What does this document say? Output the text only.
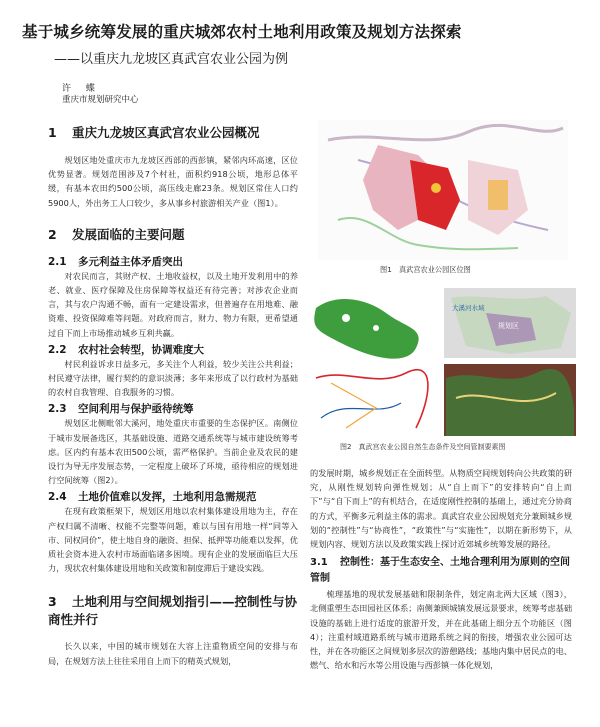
基于城乡统筹发展的重庆城郊农村土地利用政策及规划方法探索
——以重庆九龙坡区真武宫农业公园为例
许 蝶
重庆市规划研究中心
1 重庆九龙坡区真武宫农业公园概况

规划区地处重庆市九龙坡区西部的西彭镇，紧邻内环高速，区位优势显著。规划范围涉及7个村社，面积约918公顷，地形总体平缓，有基本农田约500公顷，高压线走廊23条。规划区常住人口约5900人，外出务工人口较少，多从事乡村旅游相关产业（图1）。

2 发展面临的主要问题
2.1 多元利益主体矛盾突出

对农民而言，其财产权、土地收益权，以及土地开发利用中的养老、就业、医疗保障及住房保障等权益还有待完善；对涉农企业而言，其与农户沟通不畅，面有一定建设需求，但普遍存在用地难、融资难、投资保障难等问题。对政府而言，财力、物力有限，更希望通过自下而上市场推动城乡互利共赢。

2.2 农村社会转型，协调难度大

村民利益诉求日益多元，多关注个人利益，较少关注公共利益；村民遵守法律，履行契约的意识淡薄；多年来形成了以行政村为基础的农村自我管理、自我服务的习惯。

2.3 空间利用与保护亟待统筹

规划区北侧毗邻大溪河，地处重庆市重要的生态保护区。南侧位于城市发展备选区，其基础设施、道路交通系统等与城市建设统筹考虑。区内约有基本农田500公顷，需严格保护。当前企业及农民的建设行为导无序发展态势，一定程度上破坏了环境，亟待相应的规划进行空间统筹（图2）。

2.4 土地价值难以发挥，土地利用急需规范

在现有政策框架下，规划区用地以农村集体建设用地为主，存在产权归属不清晰、权能不完整等问题，难以与国有用地一样“同等入市、同权同价”，使土地自身的融资、担保、抵押等功能难以发挥，优质社会资本进入农村市场面临诸多困境。现有企业的发展面临巨大压力，现状农村集体建设用地和关政策和制度滞后于建设实践。

3 土地利用与空间规划指引——控制性与协商性并行

长久以来，中国的城市规划在大容上注重物质空间的安排与布局，在规划方法上往往采用自上而下的精英式规划，

图1　真武宫农业公园区位图
规划区
大溪河水域
图2　真武宫农业公园自然生态条件及空间管制要素图

的发展时期，城乡规划正在全面转型。从物质空间规划转向公共政策的研究，从刚性规划转向弹性规划；从“自上而下”的安排转向“自上而下”与“自下而上”的有机结合，在适度刚性控制的基础上，通过充分协商的方式，平衡多元利益主体的需求。真武宫农业公园规划充分兼顾城乡规划的“控制性”与“协商性”，“政策性”与“实施性”，以期在新形势下，从规划内容、规划方法以及政策实践上探讨近郊城乡统筹发展的路径。

3.1 控制性：基于生态安全、土地合理利用为原则的空间管制

梳理基地的现状发展基础和限制条件，划定南北两大区域（图3），北侧重塑生态田园社区体系；南侧兼顾城镇发展远景要求，统筹考虑基础设施的基础上进行适度的旅游开发，并在此基础上细分五个功能区（图4）；注重村域道路系统与城市道路系统之间的衔接，增强农业公园可达性，并在各功能区之间规划多层次的游憩路线；基地内集中居民点的电、燃气、给水和污水等公用设施与西彭镇一体化规划，
